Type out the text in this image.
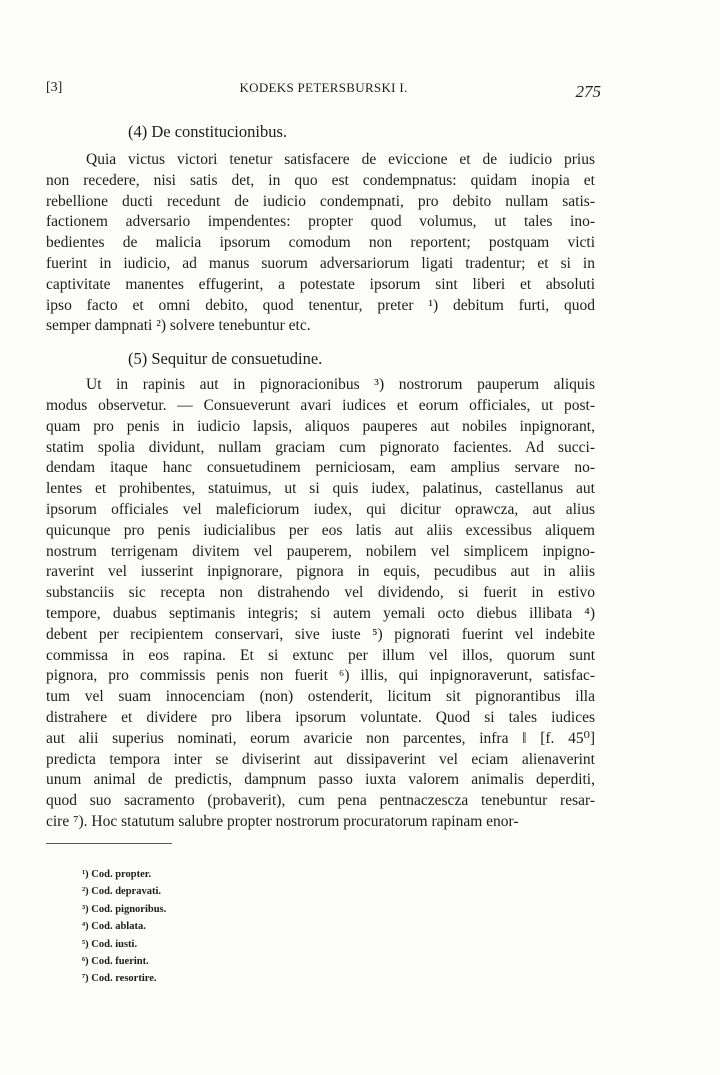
[3]	KODEKS PETERSBURSKI I.	275
(4) De constitucionibus.
Quia victus victori tenetur satisfacere de eviccione et de iudicio prius
non recedere, nisi satis det, in quo est condempnatus: quidam inopia et
rebellione ducti recedunt de iudicio condempnati, pro debito nullam satis-
factionem adversario impendentes: propter quod volumus, ut tales ino-
bedientes de malicia ipsorum comodum non reportent; postquam victi
fuerint in iudicio, ad manus suorum adversariorum ligati tradentur; et si in
captivitate manentes effugerint, a potestate ipsorum sint liberi et absoluti
ipso facto et omni debito, quod tenentur, preter ¹) debitum furti, quod
semper dampnati ²) solvere tenebuntur etc.
(5) Sequitur de consuetudine.
Ut in rapinis aut in pignoracionibus ³) nostrorum pauperum aliquis
modus observetur. — Consueverunt avari iudices et eorum officiales, ut post-
quam pro penis in iudicio lapsis, aliquos pauperes aut nobiles inpignorant,
statim spolia dividunt, nullam graciam cum pignorato facientes. Ad succi-
dendam itaque hanc consuetudinem perniciosam, eam amplius servare no-
lentes et prohibentes, statuimus, ut si quis iudex, palatinus, castellanus aut
ipsorum officiales vel maleficiorum iudex, qui dicitur oprawcza, aut alius
quicunque pro penis iudicialibus per eos latis aut aliis excessibus aliquem
nostrum terrigenam divitem vel pauperem, nobilem vel simplicem inpigno-
raverint vel iusserint inpignorare, pignora in equis, pecudibus aut in aliis
substanciis sic recepta non distrahendo vel dividendo, si fuerit in estivo
tempore, duabus septimanis integris; si autem yemali octo diebus illibata ⁴)
debent per recipientem conservari, sive iuste ⁵) pignorati fuerint vel indebite
commissa in eos rapina. Et si extunc per illum vel illos, quorum sunt
pignora, pro commissis penis non fuerit ⁶) illis, qui inpignoraverunt, satisfac-
tum vel suam innocenciam (non) ostenderit, licitum sit pignorantibus illa
distrahere et dividere pro libera ipsorum voluntate. Quod si tales iudices
aut alii superius nominati, eorum avaricie non parcentes, infra ‖ [f. 45⁰]
predicta tempora inter se diviserint aut dissipaverint vel eciam alienaverint
unum animal de predictis, dampnum passo iuxta valorem animalis deperditi,
quod suo sacramento (probaverit), cum pena pentnaczescza tenebuntur resar-
cire ⁷). Hoc statutum salubre propter nostrorum procuratorum rapinam enor-
¹) Cod. propter.
²) Cod. depravati.
³) Cod. pignoribus.
⁴) Cod. ablata.
⁵) Cod. iusti.
⁶) Cod. fuerint.
⁷) Cod. resortire.
